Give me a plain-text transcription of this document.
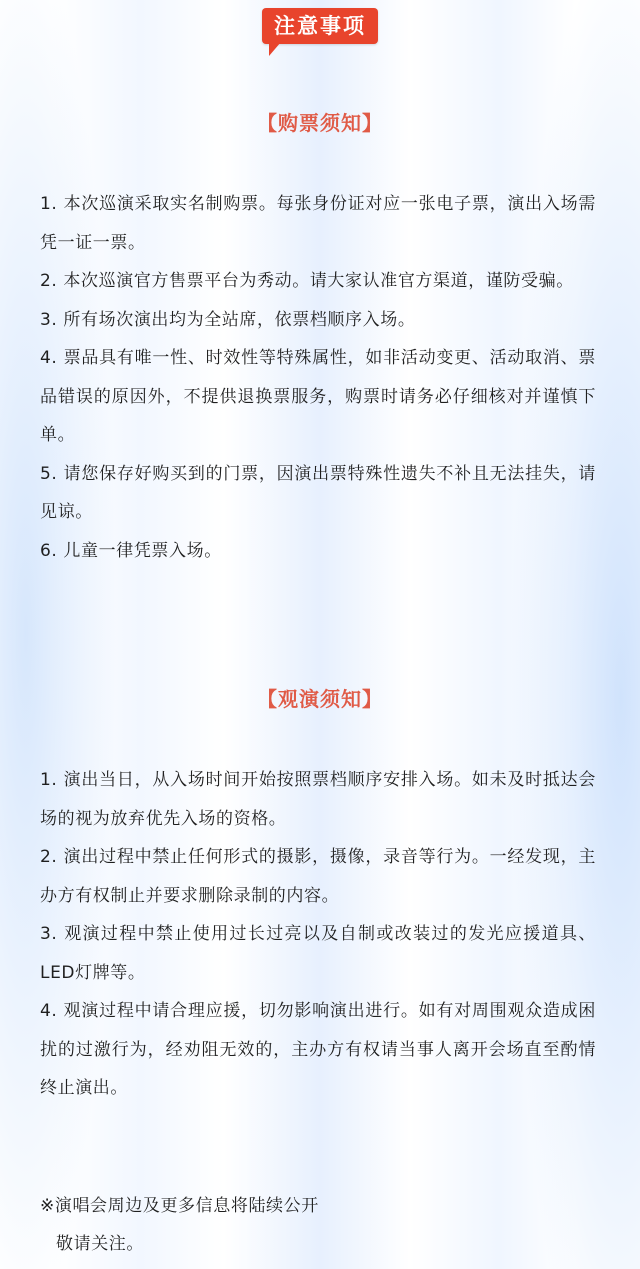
注意事项
【购票须知】
1. 本次巡演采取实名制购票。每张身份证对应一张电子票，演出入场需凭一证一票。
2. 本次巡演官方售票平台为秀动。请大家认准官方渠道，谨防受骗。
3. 所有场次演出均为全站席，依票档顺序入场。
4. 票品具有唯一性、时效性等特殊属性，如非活动变更、活动取消、票品错误的原因外，不提供退换票服务，购票时请务必仔细核对并谨慎下单。
5. 请您保存好购买到的门票，因演出票特殊性遗失不补且无法挂失，请见谅。
6. 儿童一律凭票入场。
【观演须知】
1. 演出当日，从入场时间开始按照票档顺序安排入场。如未及时抵达会场的视为放弃优先入场的资格。
2. 演出过程中禁止任何形式的摄影，摄像，录音等行为。一经发现，主办方有权制止并要求删除录制的内容。
3. 观演过程中禁止使用过长过亮以及自制或改装过的发光应援道具、LED灯牌等。
4. 观演过程中请合理应援，切勿影响演出进行。如有对周围观众造成困扰的过激行为，经劝阻无效的，主办方有权请当事人离开会场直至酌情终止演出。
※演唱会周边及更多信息将陆续公开
敬请关注。
